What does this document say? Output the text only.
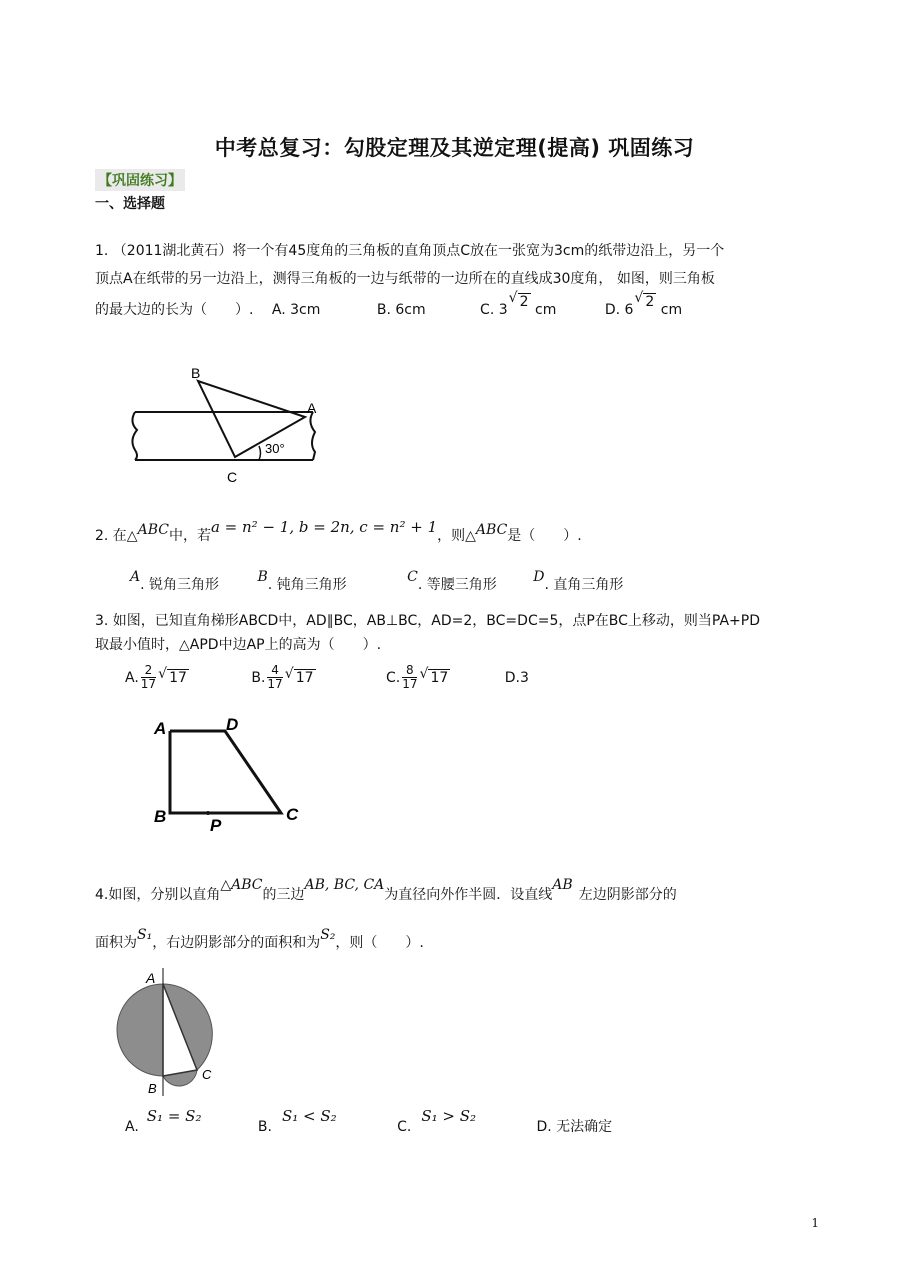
中考总复习：勾股定理及其逆定理(提高) 巩固练习
【巩固练习】
一、选择题
1. （2011湖北黄石）将一个有45度角的三角板的直角顶点C放在一张宽为3cm的纸带边沿上，另一个
顶点A在纸带的另一边沿上，测得三角板的一边与纸带的一边所在的直线成30度角， 如图，则三角板
的最大边的长为（　　）. A. 3cm	B. 6cm	C. 3 √ 2 cm	D. 6 √ 2 cm
B
A
C
30°
2. 在△ABC中，若a = n² − 1, b = 2n, c = n² + 1，则△ABC是（　　）.
A. 锐角三角形	B. 钝角三角形	C. 等腰三角形	D. 直角三角形
3. 如图，已知直角梯形ABCD中，AD∥BC，AB⊥BC，AD=2，BC=DC=5，点P在BC上移动，则当PA+PD
取最小值时，△APD中边AP上的高为（　　）.
A. $\frac{2}{17}$ √ 17	B. $\frac{4}{17}$ √ 17	C. $\frac{8}{17}$ √ 17	D.3
A	D
B	C
P
4.如图，分别以直角△ABC的三边AB, BC, CA为直径向外作半圆．设直线AB左边阴影部分的
面积为S₁，右边阴影部分的面积和为S₂，则（　　）.
A
B
C
A.S₁ = S₂ B.S₁ < S₂ C.S₁ > S₂ D. 无法确定
1
